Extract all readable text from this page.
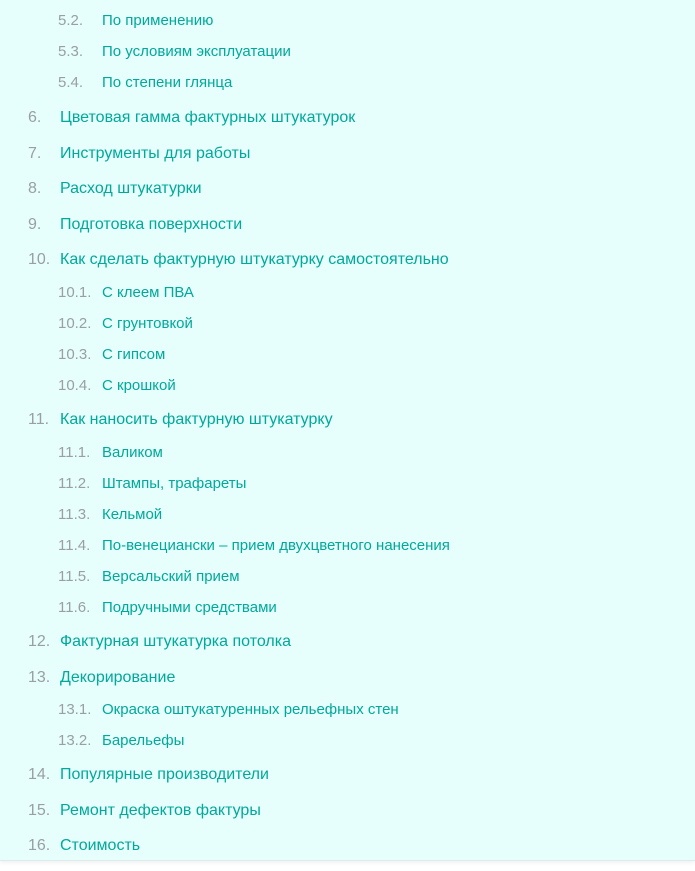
5.2. По применению
5.3. По условиям эксплуатации
5.4. По степени глянца
6. Цветовая гамма фактурных штукатурок
7. Инструменты для работы
8. Расход штукатурки
9. Подготовка поверхности
10. Как сделать фактурную штукатурку самостоятельно
10.1. С клеем ПВА
10.2. С грунтовкой
10.3. С гипсом
10.4. С крошкой
11. Как наносить фактурную штукатурку
11.1. Валиком
11.2. Штампы, трафареты
11.3. Кельмой
11.4. По-венециански – прием двухцветного нанесения
11.5. Версальский прием
11.6. Подручными средствами
12. Фактурная штукатурка потолка
13. Декорирование
13.1. Окраска оштукатуренных рельефных стен
13.2. Барельефы
14. Популярные производители
15. Ремонт дефектов фактуры
16. Стоимость
